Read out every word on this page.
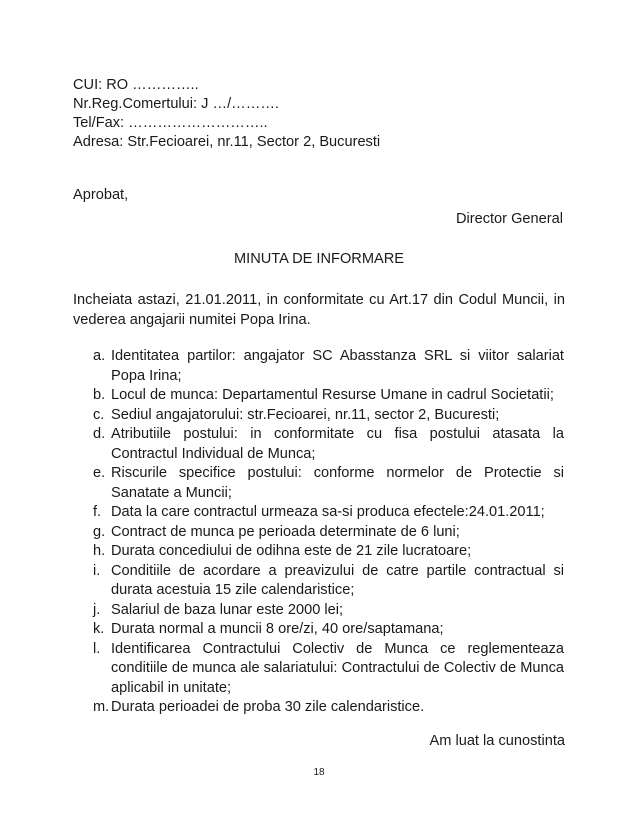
CUI: RO …………..
Nr.Reg.Comertului: J …/……….
Tel/Fax: ………………………..
Adresa: Str.Fecioarei, nr.11, Sector 2, Bucuresti
Aprobat,
Director General
MINUTA DE INFORMARE
Incheiata astazi, 21.01.2011, in conformitate cu Art.17 din Codul Muncii, in vederea angajarii numitei Popa Irina.
a. Identitatea partilor: angajator SC Abasstanza SRL si viitor salariat Popa Irina;
b. Locul de munca: Departamentul Resurse Umane in cadrul Societatii;
c. Sediul angajatorului: str.Fecioarei, nr.11, sector 2, Bucuresti;
d. Atributiile postului: in conformitate cu fisa postului atasata la Contractul Individual de Munca;
e. Riscurile specifice postului: conforme normelor de Protectie si Sanatate a Muncii;
f. Data la care contractul urmeaza sa-si produca efectele:24.01.2011;
g. Contract de munca pe perioada determinate de 6 luni;
h. Durata concediului de odihna este de 21 zile lucratoare;
i. Conditiile de acordare a preavizului de catre partile contractual si durata acestuia 15 zile calendaristice;
j. Salariul de baza lunar este 2000 lei;
k. Durata normal a muncii 8 ore/zi, 40 ore/saptamana;
l. Identificarea Contractului Colectiv de Munca ce reglementeaza conditiile de munca ale salariatului: Contractului de Colectiv de Munca aplicabil in unitate;
m. Durata perioadei de proba 30 zile calendaristice.
Am luat la cunostinta
18
